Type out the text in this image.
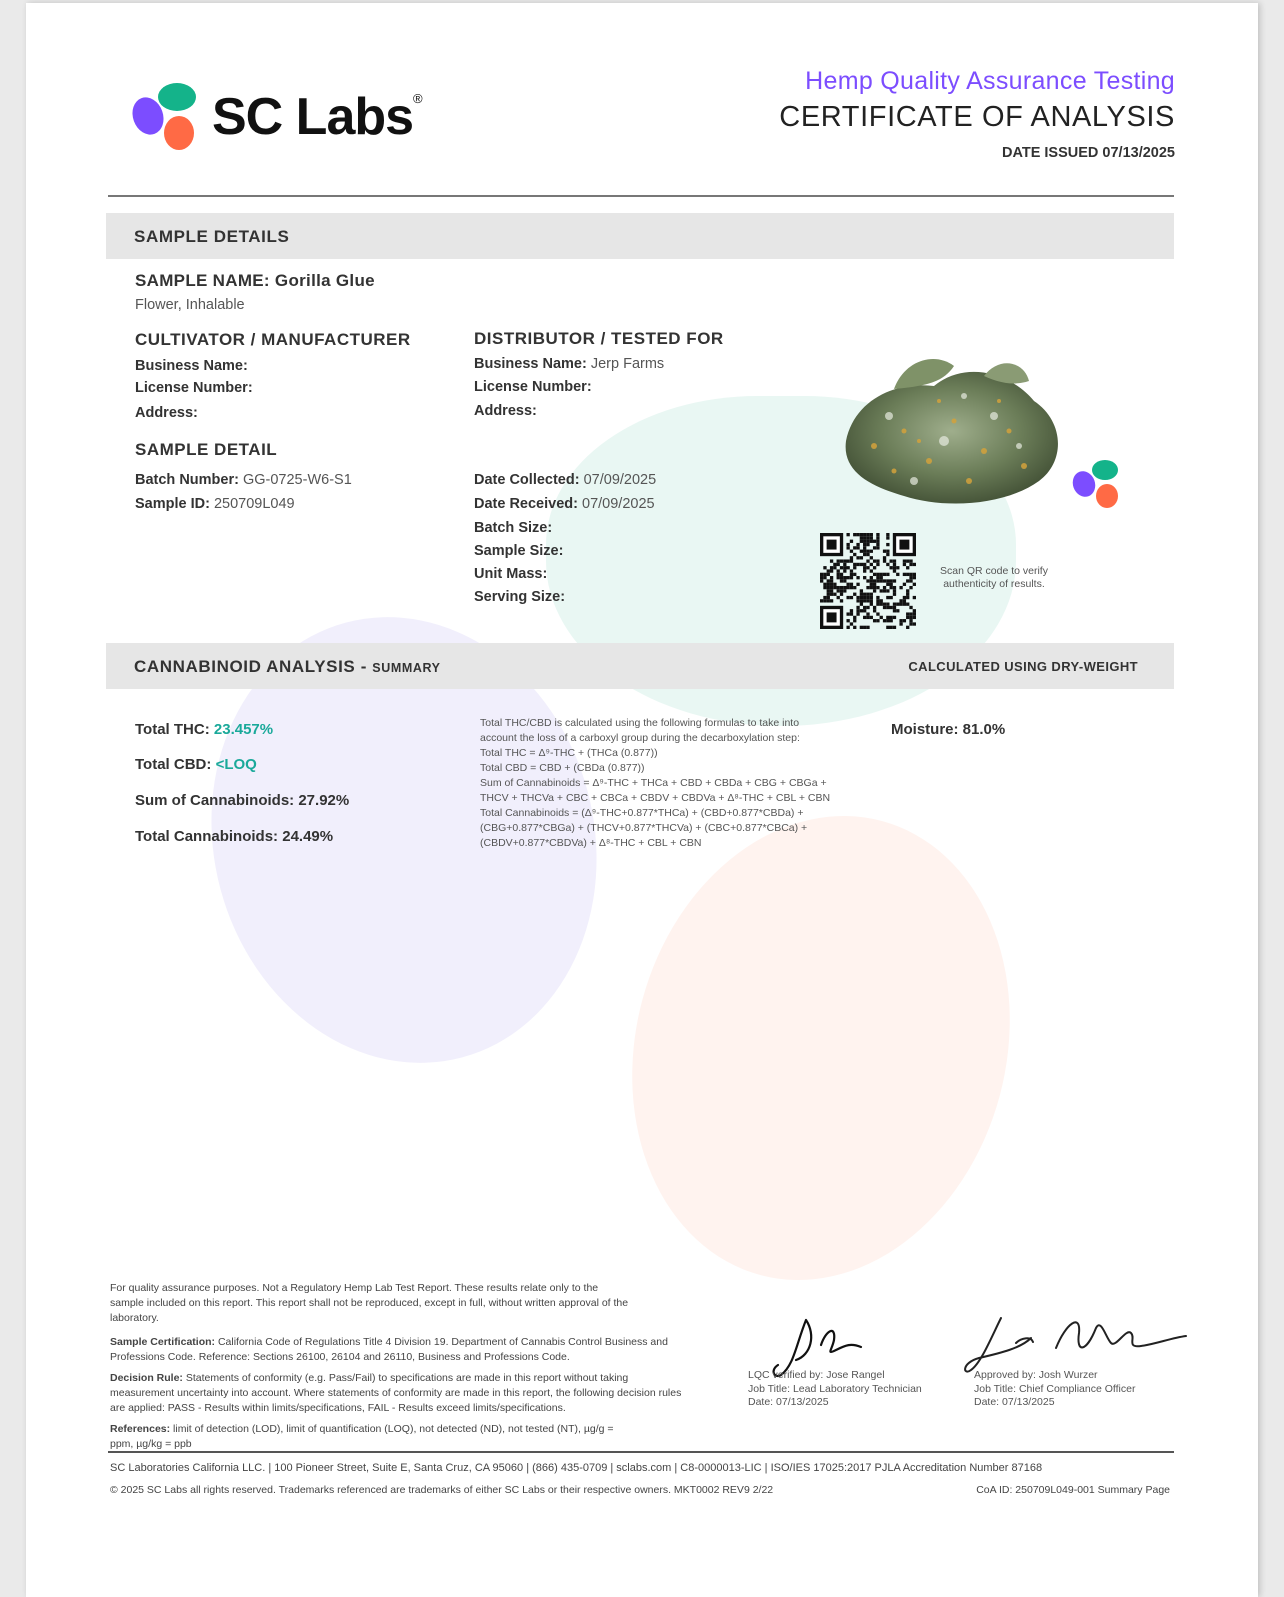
SC Labs ®
Hemp Quality Assurance Testing
CERTIFICATE OF ANALYSIS
DATE ISSUED 07/13/2025
SAMPLE DETAILS
SAMPLE NAME: Gorilla Glue
Flower, Inhalable
CULTIVATOR / MANUFACTURER
Business Name:
License Number:
Address:
DISTRIBUTOR / TESTED FOR
Business Name: Jerp Farms
License Number:
Address:
SAMPLE DETAIL
Batch Number: GG-0725-W6-S1
Sample ID: 250709L049
Date Collected: 07/09/2025
Date Received: 07/09/2025
Batch Size:
Sample Size:
Unit Mass:
Serving Size:
Scan QR code to verify
authenticity of results.
CANNABINOID ANALYSIS - SUMMARY	CALCULATED USING DRY-WEIGHT
Total THC: 23.457%
Total CBD: <LOQ
Sum of Cannabinoids: 27.92%
Total Cannabinoids: 24.49%
Total THC/CBD is calculated using the following formulas to take into
account the loss of a carboxyl group during the decarboxylation step:
Total THC = Δ⁹-THC + (THCa (0.877))
Total CBD = CBD + (CBDa (0.877))
Sum of Cannabinoids = Δ⁹-THC + THCa + CBD + CBDa + CBG + CBGa +
THCV + THCVa + CBC + CBCa + CBDV + CBDVa + Δ⁸-THC + CBL + CBN
Total Cannabinoids = (Δ⁹-THC+0.877*THCa) + (CBD+0.877*CBDa) +
(CBG+0.877*CBGa) + (THCV+0.877*THCVa) + (CBC+0.877*CBCa) +
(CBDV+0.877*CBDVa) + Δ⁸-THC + CBL + CBN
Moisture: 81.0%
For quality assurance purposes. Not a Regulatory Hemp Lab Test Report. These results relate only to the sample included on this report. This report shall not be reproduced, except in full, without written approval of the laboratory.
Sample Certification: California Code of Regulations Title 4 Division 19. Department of Cannabis Control Business and Professions Code. Reference: Sections 26100, 26104 and 26110, Business and Professions Code.
Decision Rule: Statements of conformity (e.g. Pass/Fail) to specifications are made in this report without taking measurement uncertainty into account. Where statements of conformity are made in this report, the following decision rules are applied: PASS - Results within limits/specifications, FAIL - Results exceed limits/specifications.
References: limit of detection (LOD), limit of quantification (LOQ), not detected (ND), not tested (NT), µg/g = ppm, µg/kg = ppb
LQC verified by: Jose Rangel
Job Title: Lead Laboratory Technician
Date: 07/13/2025
Approved by: Josh Wurzer
Job Title: Chief Compliance Officer
Date: 07/13/2025
SC Laboratories California LLC. | 100 Pioneer Street, Suite E, Santa Cruz, CA 95060 | (866) 435-0709 | sclabs.com | C8-0000013-LIC | ISO/IES 17025:2017 PJLA Accreditation Number 87168
© 2025 SC Labs all rights reserved. Trademarks referenced are trademarks of either SC Labs or their respective owners. MKT0002 REV9 2/22	CoA ID: 250709L049-001 Summary Page
